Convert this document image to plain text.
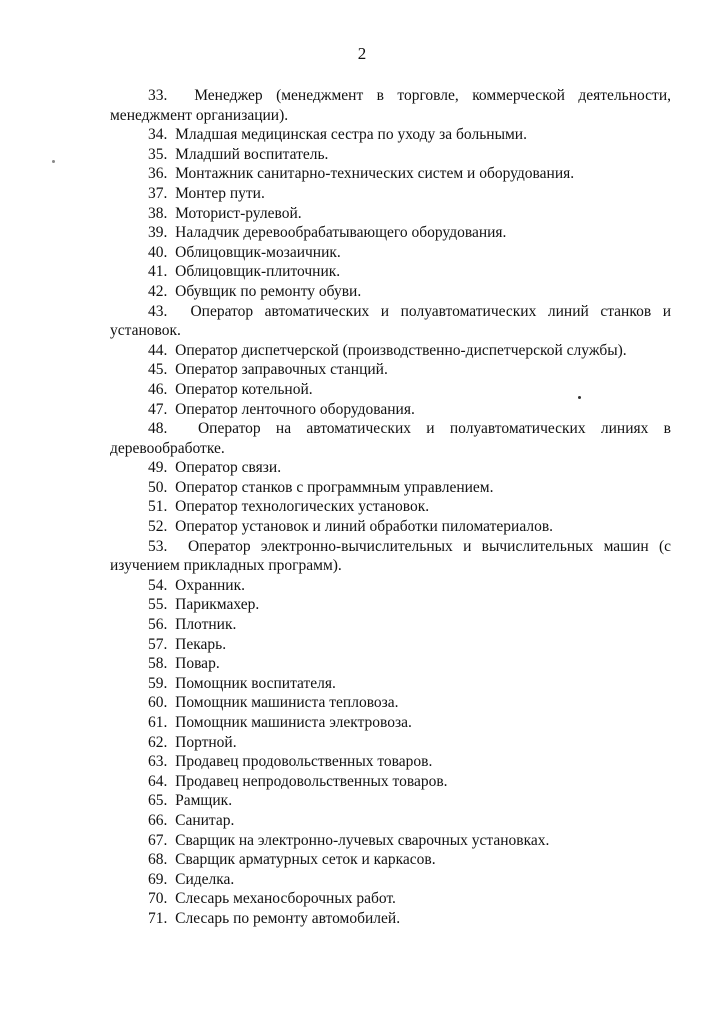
2
33. Менеджер (менеджмент в торговле, коммерческой деятельности, менеджмент организации).
34. Младшая медицинская сестра по уходу за больными.
35. Младший воспитатель.
36. Монтажник санитарно-технических систем и оборудования.
37. Монтер пути.
38. Моторист-рулевой.
39. Наладчик деревообрабатывающего оборудования.
40. Облицовщик-мозаичник.
41. Облицовщик-плиточник.
42. Обувщик по ремонту обуви.
43. Оператор автоматических и полуавтоматических линий станков и установок.
44. Оператор диспетчерской (производственно-диспетчерской службы).
45. Оператор заправочных станций.
46. Оператор котельной.
47. Оператор ленточного оборудования.
48. Оператор на автоматических и полуавтоматических линиях в деревообработке.
49. Оператор связи.
50. Оператор станков с программным управлением.
51. Оператор технологических установок.
52. Оператор установок и линий обработки пиломатериалов.
53. Оператор электронно-вычислительных и вычислительных машин (с изучением прикладных программ).
54. Охранник.
55. Парикмахер.
56. Плотник.
57. Пекарь.
58. Повар.
59. Помощник воспитателя.
60. Помощник машиниста тепловоза.
61. Помощник машиниста электровоза.
62. Портной.
63. Продавец продовольственных товаров.
64. Продавец непродовольственных товаров.
65. Рамщик.
66. Санитар.
67. Сварщик на электронно-лучевых сварочных установках.
68. Сварщик арматурных сеток и каркасов.
69. Сиделка.
70. Слесарь механосборочных работ.
71. Слесарь по ремонту автомобилей.
